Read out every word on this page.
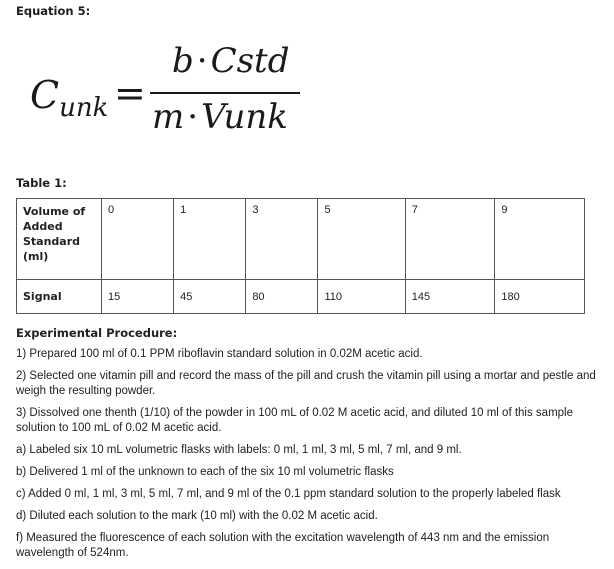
Equation 5:
$C_{unk}$ =
b·Cstd
m·Vunk
Table 1:
Volume of Added Standard (ml)	0	1	3	5	7	9
Signal	15	45	80	110	145	180
Experimental Procedure:
1) Prepared 100 ml of 0.1 PPM riboflavin standard solution in 0.02M acetic acid.
2) Selected one vitamin pill and record the mass of the pill and crush the vitamin pill using a mortar and pestle and weigh the resulting powder.
3) Dissolved one thenth (1/10) of the powder in 100 mL of 0.02 M acetic acid, and diluted 10 ml of this sample solution to 100 mL of 0.02 M acetic acid.
a) Labeled six 10 mL volumetric flasks with labels: 0 ml, 1 ml, 3 ml, 5 ml, 7 ml, and 9 ml.
b) Delivered 1 ml of the unknown to each of the six 10 ml volumetric flasks
c) Added 0 ml, 1 ml, 3 ml, 5 ml, 7 ml, and 9 ml of the 0.1 ppm standard solution to the properly labeled flask
d) Diluted each solution to the mark (10 ml) with the 0.02 M acetic acid.
f) Measured the fluorescence of each solution with the excitation wavelength of 443 nm and the emission wavelength of 524nm.
